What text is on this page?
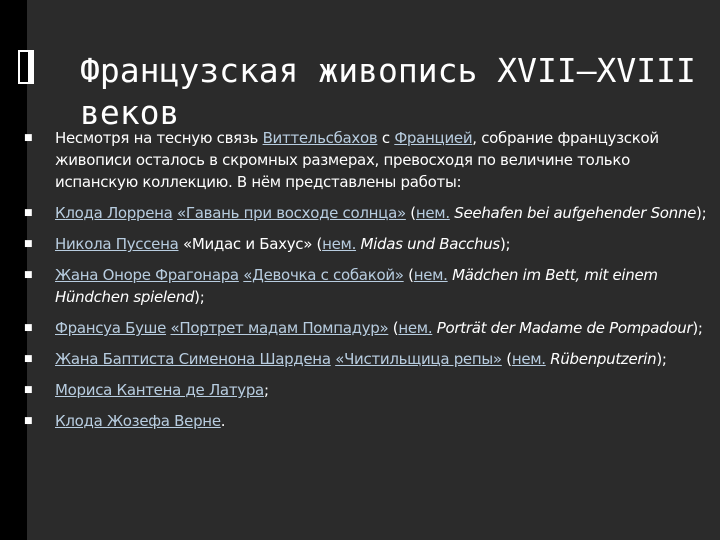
Французская живопись XVII—XVIII веков
■ Несмотря на тесную связь Виттельсбахов с Францией, собрание французской живописи осталось в скромных размерах, превосходя по величине только испанскую коллекцию. В нём представлены работы:
■ Клода Лоррена «Гавань при восходе солнца» (нем. Seehafen bei aufgehender Sonne);
■ Никола Пуссена «Мидас и Бахус» (нем. Midas und Bacchus);
■ Жана Оноре Фрагонара «Девочка с собакой» (нем. Mädchen im Bett, mit einem Hündchen spielend);
■ Франсуа Буше «Портрет мадам Помпадур» (нем. Porträt der Madame de Pompadour);
■ Жана Баптиста Сименона Шардена «Чистильщица репы» (нем. Rübenputzerin);
■ Мориса Кантена де Латура;
■ Клода Жозефа Верне.
